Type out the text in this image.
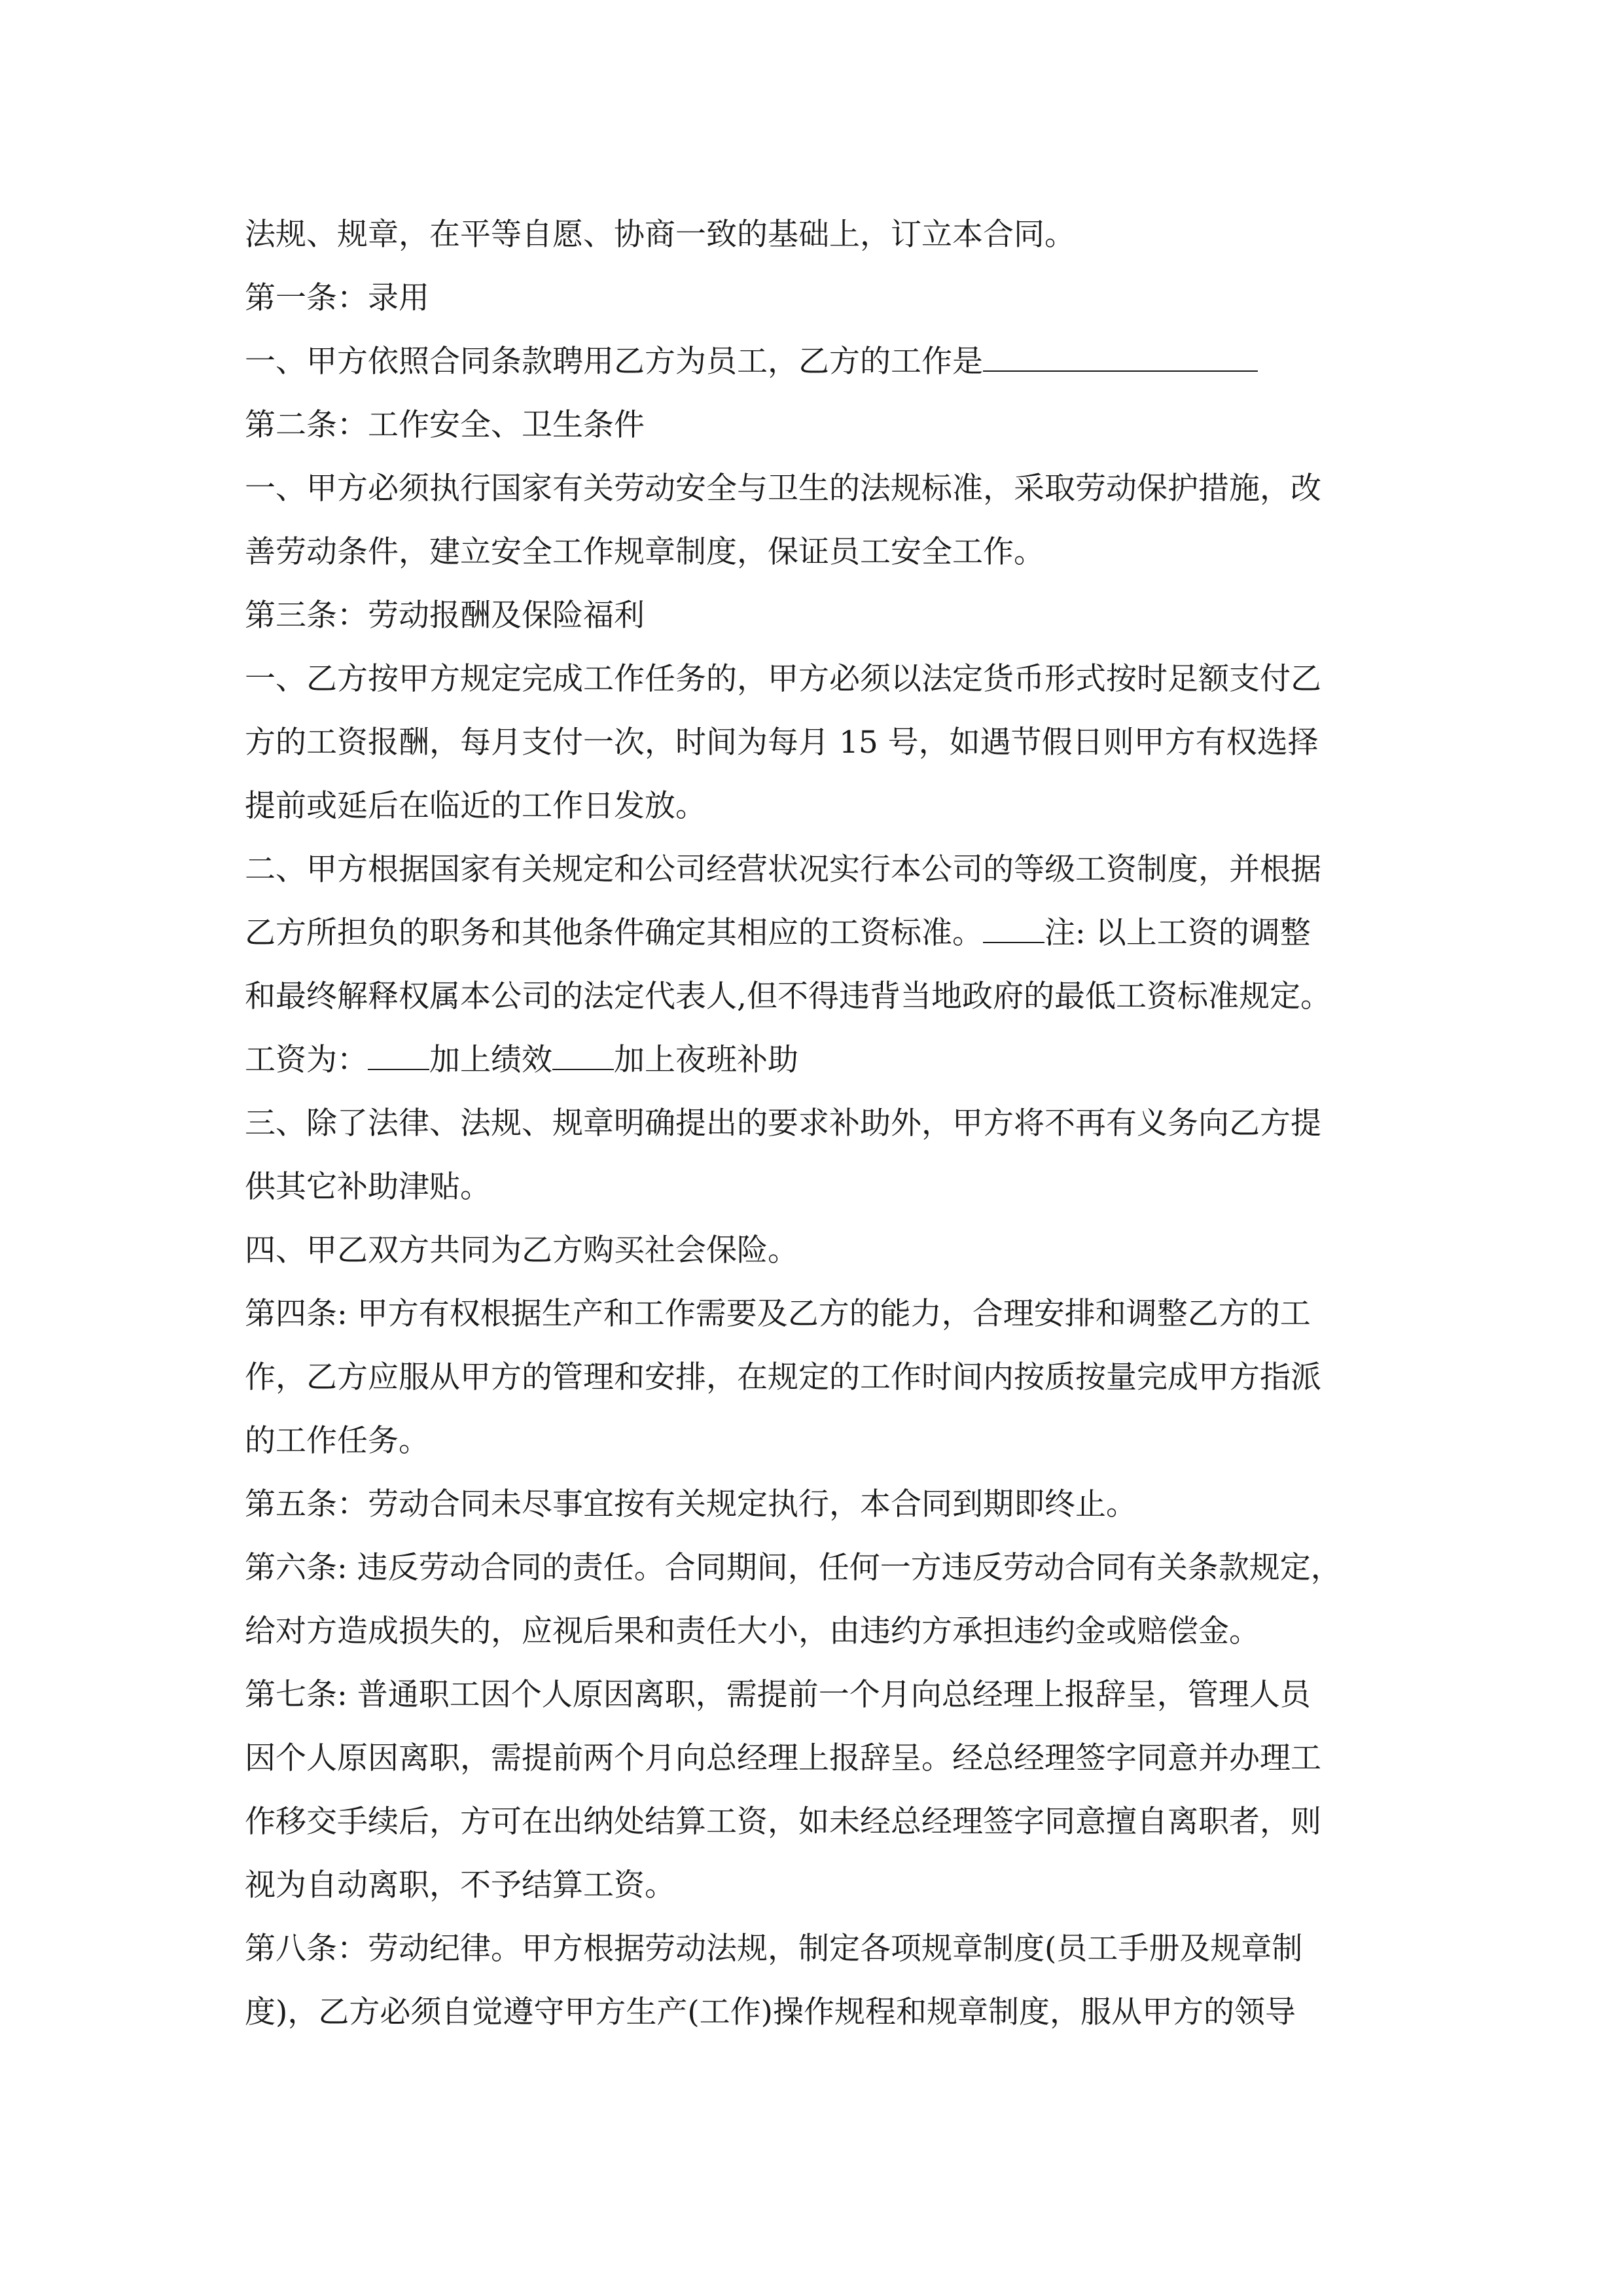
法规、规章，在平等自愿、协商一致的基础上，订立本合同。
第一条：录用
一、甲方依照合同条款聘用乙方为员工，乙方的工作是
第二条：工作安全、卫生条件
一、甲方必须执行国家有关劳动安全与卫生的法规标准，采取劳动保护措施，改
善劳动条件，建立安全工作规章制度，保证员工安全工作。
第三条：劳动报酬及保险福利
一、乙方按甲方规定完成工作任务的，甲方必须以法定货币形式按时足额支付乙
方的工资报酬，每月支付一次，时间为每月 15 号，如遇节假日则甲方有权选择
提前或延后在临近的工作日发放。
二、甲方根据国家有关规定和公司经营状况实行本公司的等级工资制度，并根据
乙方所担负的职务和其他条件确定其相应的工资标准。 注: 以上工资的调整
和最终解释权属本公司的法定代表人,但不得违背当地政府的最低工资标准规定。
工资为： 加上绩效 加上夜班补助
三、除了法律、法规、规章明确提出的要求补助外，甲方将不再有义务向乙方提
供其它补助津贴。
四、甲乙双方共同为乙方购买社会保险。
第四条: 甲方有权根据生产和工作需要及乙方的能力，合理安排和调整乙方的工
作，乙方应服从甲方的管理和安排，在规定的工作时间内按质按量完成甲方指派
的工作任务。
第五条：劳动合同未尽事宜按有关规定执行，本合同到期即终止。
第六条: 违反劳动合同的责任。合同期间，任何一方违反劳动合同有关条款规定，
给对方造成损失的，应视后果和责任大小，由违约方承担违约金或赔偿金。
第七条: 普通职工因个人原因离职，需提前一个月向总经理上报辞呈，管理人员
因个人原因离职，需提前两个月向总经理上报辞呈。经总经理签字同意并办理工
作移交手续后，方可在出纳处结算工资，如未经总经理签字同意擅自离职者，则
视为自动离职，不予结算工资。
第八条：劳动纪律。甲方根据劳动法规，制定各项规章制度(员工手册及规章制
度)，乙方必须自觉遵守甲方生产(工作)操作规程和规章制度，服从甲方的领导
